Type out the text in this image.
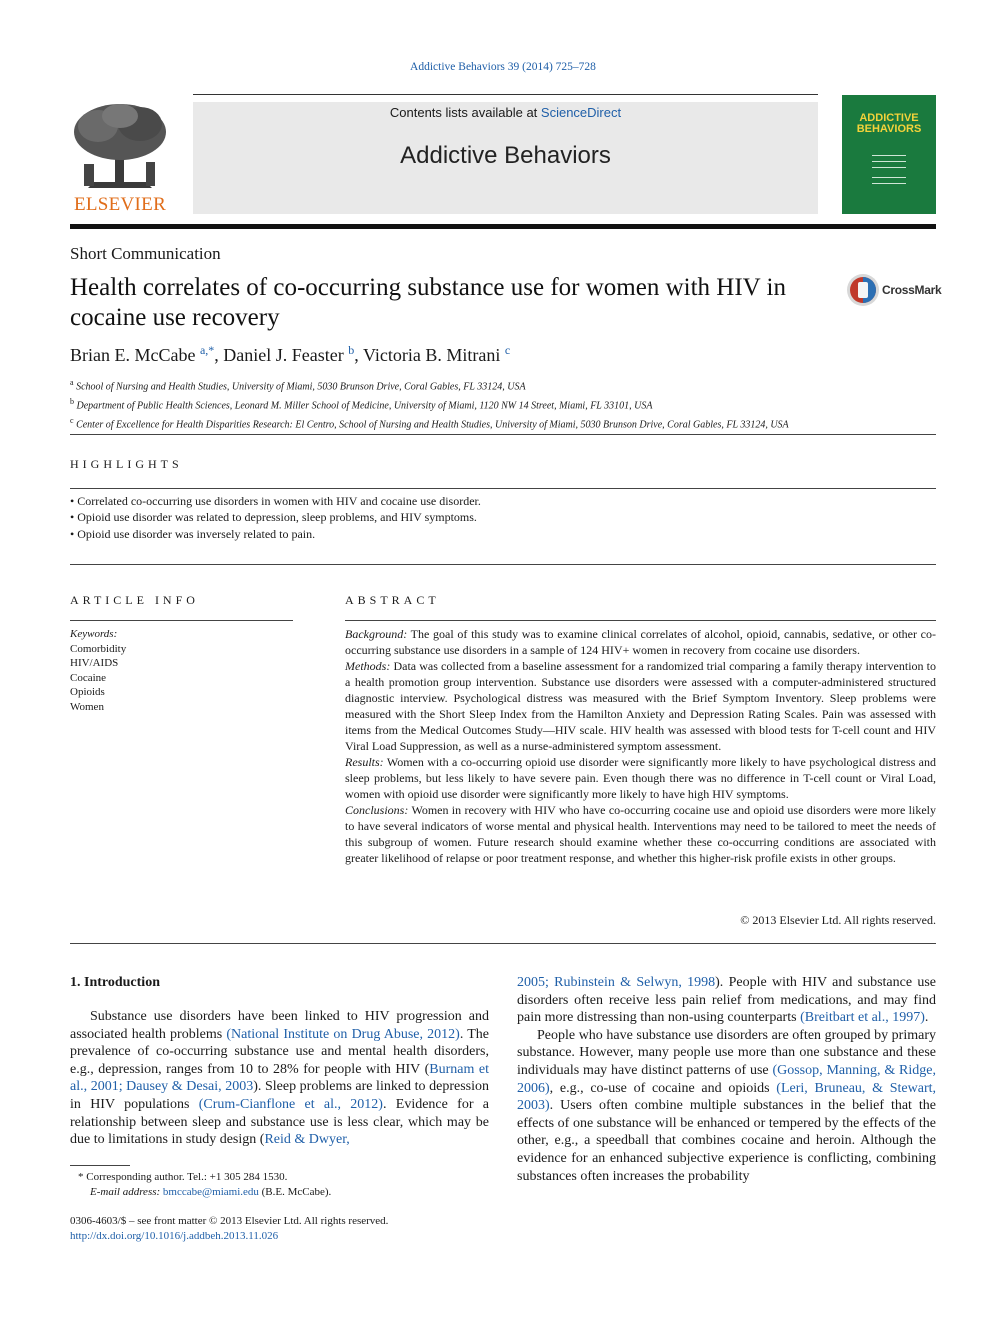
Addictive Behaviors 39 (2014) 725–728
ELSEVIER
Contents lists available at ScienceDirect
Addictive Behaviors
ADDICTIVE
BEHAVIORS
Short Communication
Health correlates of co-occurring substance use for women with HIV in cocaine use recovery
CrossMark
Brian E. McCabe $^{a,*}$, Daniel J. Feaster $^b$, Victoria B. Mitrani $^c$
$^a$ School of Nursing and Health Studies, University of Miami, 5030 Brunson Drive, Coral Gables, FL 33124, USA
$^b$ Department of Public Health Sciences, Leonard M. Miller School of Medicine, University of Miami, 1120 NW 14 Street, Miami, FL 33101, USA
$^c$ Center of Excellence for Health Disparities Research: El Centro, School of Nursing and Health Studies, University of Miami, 5030 Brunson Drive, Coral Gables, FL 33124, USA
HIGHLIGHTS
• Correlated co-occurring use disorders in women with HIV and cocaine use disorder.
• Opioid use disorder was related to depression, sleep problems, and HIV symptoms.
• Opioid use disorder was inversely related to pain.
ARTICLE INFO
Keywords:
Comorbidity
HIV/AIDS
Cocaine
Opioids
Women
ABSTRACT
Background: The goal of this study was to examine clinical correlates of alcohol, opioid, cannabis, sedative, or other co-occurring substance use disorders in a sample of 124 HIV+ women in recovery from cocaine use disorders.
Methods: Data was collected from a baseline assessment for a randomized trial comparing a family therapy intervention to a health promotion group intervention. Substance use disorders were assessed with a computer-administered structured diagnostic interview. Psychological distress was measured with the Brief Symptom Inventory. Sleep problems were measured with the Short Sleep Index from the Hamilton Anxiety and Depression Rating Scales. Pain was assessed with items from the Medical Outcomes Study—HIV scale. HIV health was assessed with blood tests for T-cell count and HIV Viral Load Suppression, as well as a nurse-administered symptom assessment.
Results: Women with a co-occurring opioid use disorder were significantly more likely to have psychological distress and sleep problems, but less likely to have severe pain. Even though there was no difference in T-cell count or Viral Load, women with opioid use disorder were significantly more likely to have high HIV symptoms.
Conclusions: Women in recovery with HIV who have co-occurring cocaine use and opioid use disorders were more likely to have several indicators of worse mental and physical health. Interventions may need to be tailored to meet the needs of this subgroup of women. Future research should examine whether these co-occurring conditions are associated with greater likelihood of relapse or poor treatment response, and whether this higher-risk profile exists in other groups.
© 2013 Elsevier Ltd. All rights reserved.
1. Introduction

Substance use disorders have been linked to HIV progression and associated health problems (National Institute on Drug Abuse, 2012). The prevalence of co-occurring substance use and mental health disorders, e.g., depression, ranges from 10 to 28% for people with HIV (Burnam et al., 2001; Dausey & Desai, 2003). Sleep problems are linked to depression in HIV populations (Crum-Cianflone et al., 2012). Evidence for a relationship between sleep and substance use is less clear, which may be due to limitations in study design (Reid & Dwyer,

2005; Rubinstein & Selwyn, 1998). People with HIV and substance use disorders often receive less pain relief from medications, and may find pain more distressing than non-using counterparts (Breitbart et al., 1997).

People who have substance use disorders are often grouped by primary substance. However, many people use more than one substance and these individuals may have distinct patterns of use (Gossop, Manning, & Ridge, 2006), e.g., co-use of cocaine and opioids (Leri, Bruneau, & Stewart, 2003). Users often combine multiple substances in the belief that the effects of one substance will be enhanced or tempered by the effects of the other, e.g., a speedball that combines cocaine and heroin. Although the evidence for an enhanced subjective experience is conflicting, combining substances often increases the probability

* Corresponding author. Tel.: +1 305 284 1530.
E-mail address: bmccabe@miami.edu (B.E. McCabe).
0306-4603/$ – see front matter © 2013 Elsevier Ltd. All rights reserved.
http://dx.doi.org/10.1016/j.addbeh.2013.11.026
